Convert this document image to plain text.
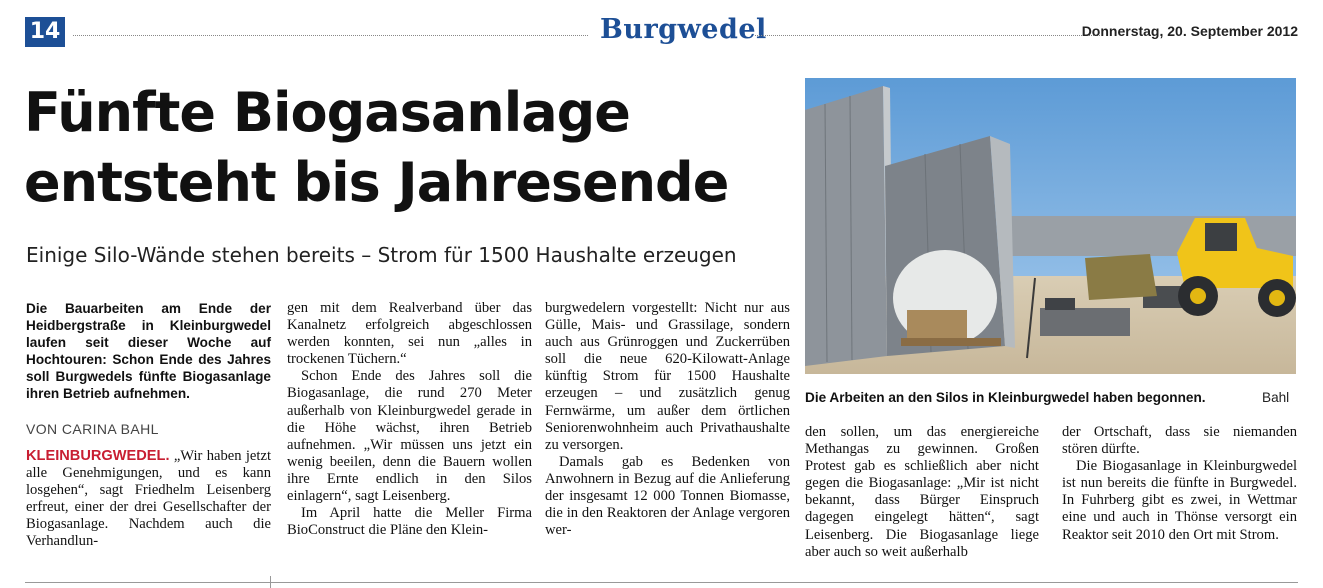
14	Burgwedel	Donnerstag, 20. September 2012
Fünfte Biogasanlage
entsteht bis Jahresende

Einige Silo-Wände stehen bereits – Strom für 1500 Haushalte erzeugen

Die Bauarbeiten am Ende der Heidbergstraße in Kleinburgwedel laufen seit dieser Woche auf Hochtouren: Schon Ende des Jahres soll Burgwedels fünfte Biogasanlage ihren Betrieb aufnehmen.

VON CARINA BAHL

KLEINBURGWEDEL. „Wir haben jetzt alle Genehmigungen, und es kann losgehen“, sagt Friedhelm Leisenberg erfreut, einer der drei Gesellschafter der Biogasanlage. Nachdem auch die Verhandlun-

gen mit dem Realverband über das Kanalnetz erfolgreich abgeschlossen werden konnten, sei nun „alles in trockenen Tüchern.“

Schon Ende des Jahres soll die Biogasanlage, die rund 270 Meter außerhalb von Kleinburgwedel gerade in die Höhe wächst, ihren Betrieb aufnehmen. „Wir müssen uns jetzt ein wenig beeilen, denn die Bauern wollen ihre Ernte endlich in den Silos einlagern“, sagt Leisenberg.

Im April hatte die Meller Firma BioConstruct die Pläne den Klein-

burgwedelern vorgestellt: Nicht nur aus Gülle, Mais- und Grassilage, sondern auch aus Grünroggen und Zuckerrüben soll die neue 620-Kilowatt-Anlage künftig Strom für 1500 Haushalte erzeugen – und zusätzlich genug Fernwärme, um außer dem örtlichen Seniorenwohnheim auch Privathaushalte zu versorgen.

Damals gab es Bedenken von Anwohnern in Bezug auf die Anlieferung der insgesamt 12 000 Tonnen Biomasse, die in den Reaktoren der Anlage vergoren wer-

Die Arbeiten an den Silos in Kleinburgwedel haben begonnen.	Bahl

den sollen, um das energiereiche Methangas zu gewinnen. Großen Protest gab es schließlich aber nicht gegen die Biogasanlage: „Mir ist nicht bekannt, dass Bürger Einspruch dagegen eingelegt hätten“, sagt Leisenberg. Die Biogasanlage liege aber auch so weit außerhalb

der Ortschaft, dass sie niemanden stören dürfte.

Die Biogasanlage in Kleinburgwedel ist nun bereits die fünfte in Burgwedel. In Fuhrberg gibt es zwei, in Wettmar eine und auch in Thönse versorgt ein Reaktor seit 2010 den Ort mit Strom.
